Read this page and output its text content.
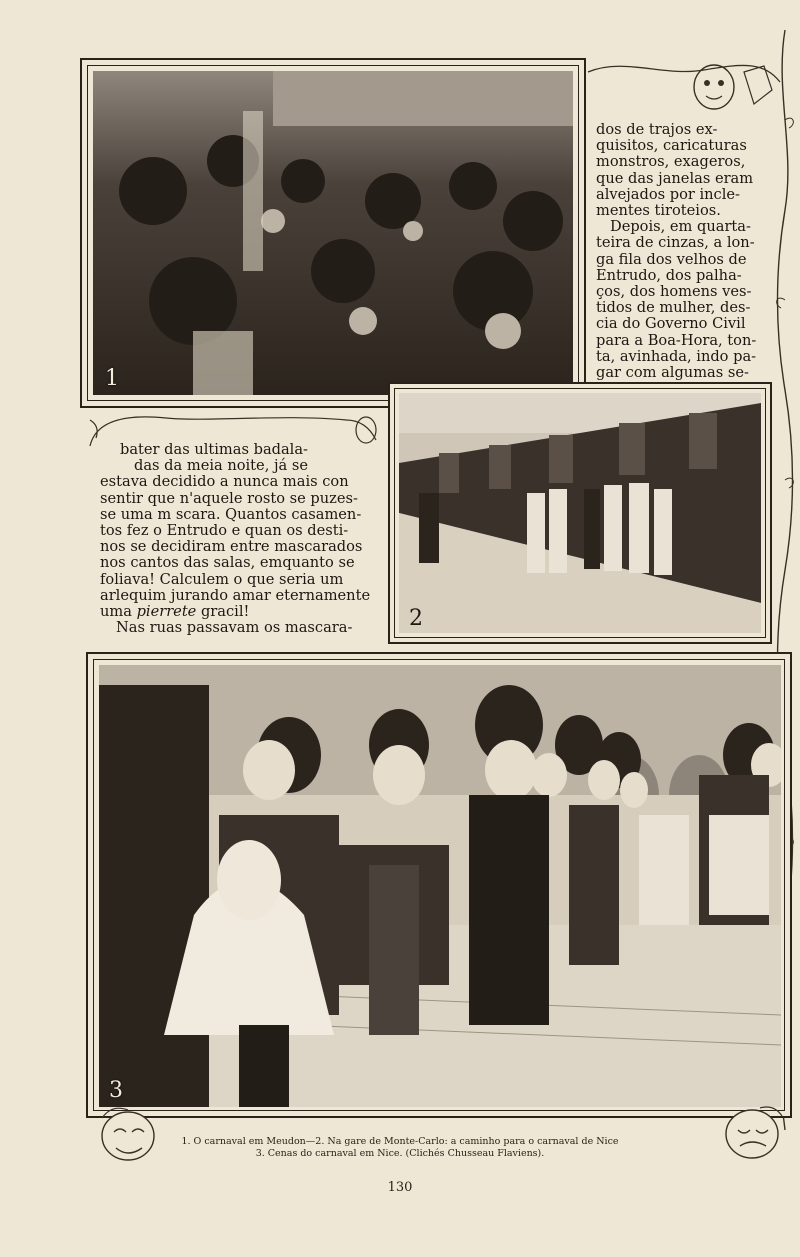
1
dos de trajos ex-
quisitos, caricaturas
monstros, exageros,
que das janelas eram
alvejados por incle-
mentes tiroteios.
Depois, em quarta-
teira de cinzas, a lon-
ga fila dos velhos de
Entrudo, dos palha-
ços, dos homens ves-
tidos de mulher, des-
cia do Governo Civil
para a Boa-Hora, ton-
ta, avinhada, indo pa-
gar com algumas se-
bater das ultimas badala-
das da meia noite, já se
estava decidido a nunca mais con
sentir que n'aquele rosto se puzes-
se uma m scara. Quantos casamen-
tos fez o Entrudo e quan os desti-
nos se decidiram entre mascarados
nos cantos das salas, emquanto se
foliava! Calculem o que seria um
arlequim jurando amar eternamente
uma pierrete gracil!
Nas ruas passavam os mascara-	2
3
1. O carnaval em Meudon—2. Na gare de Monte-Carlo: a caminho para o carnaval de Nice
3. Cenas do carnaval em Nice. (Clichés Chusseau Flaviens).
130
